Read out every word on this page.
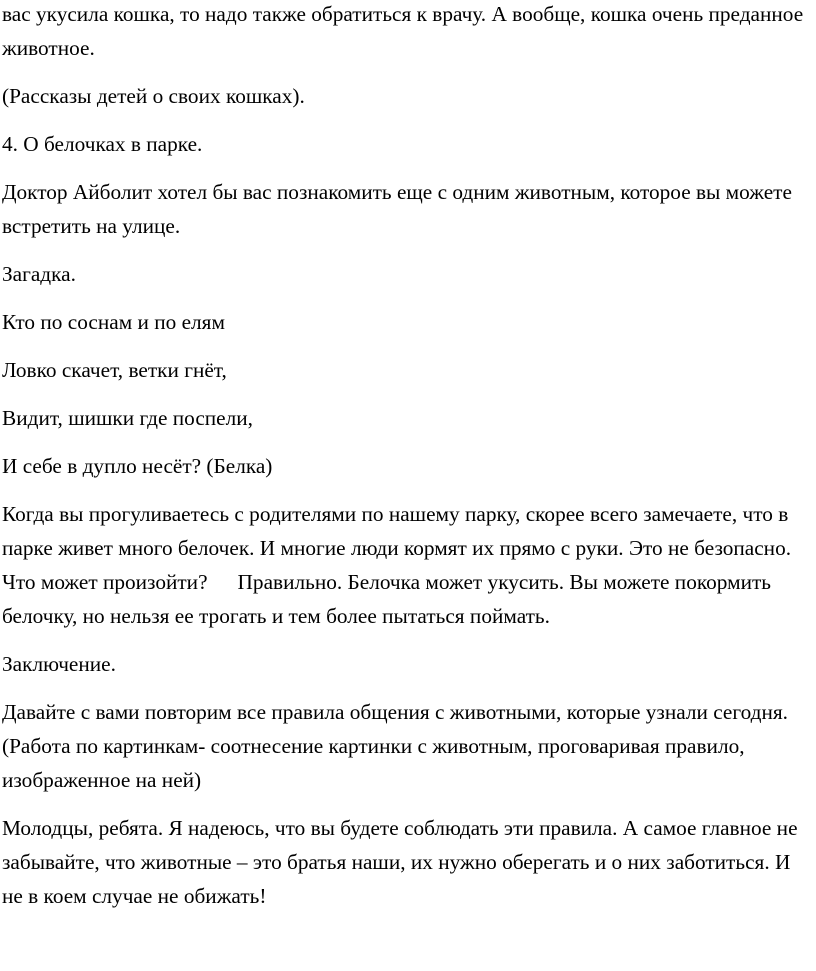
вас укусила кошка, то надо также обратиться к врачу. А вообще, кошка очень преданное животное.

(Рассказы детей о своих кошках).

4. О белочках в парке.

Доктор Айболит хотел бы вас познакомить еще с одним животным, которое вы можете встретить на улице.

Загадка.

Кто по соснам и по елям

Ловко скачет, ветки гнёт,

Видит, шишки где поспели,

И себе в дупло несёт? (Белка)

Когда вы прогуливаетесь с родителями по нашему парку, скорее всего замечаете, что в парке живет много белочек. И многие люди кормят их прямо с руки. Это не безопасно. Что может произойти? Правильно. Белочка может укусить. Вы можете покормить белочку, но нельзя ее трогать и тем более пытаться поймать.

Заключение.

Давайте с вами повторим все правила общения с животными, которые узнали сегодня. (Работа по картинкам- соотнесение картинки с животным, проговаривая правило, изображенное на ней)

Молодцы, ребята. Я надеюсь, что вы будете соблюдать эти правила. А самое главное не забывайте, что животные – это братья наши, их нужно оберегать и о них заботиться. И не в коем случае не обижать!
